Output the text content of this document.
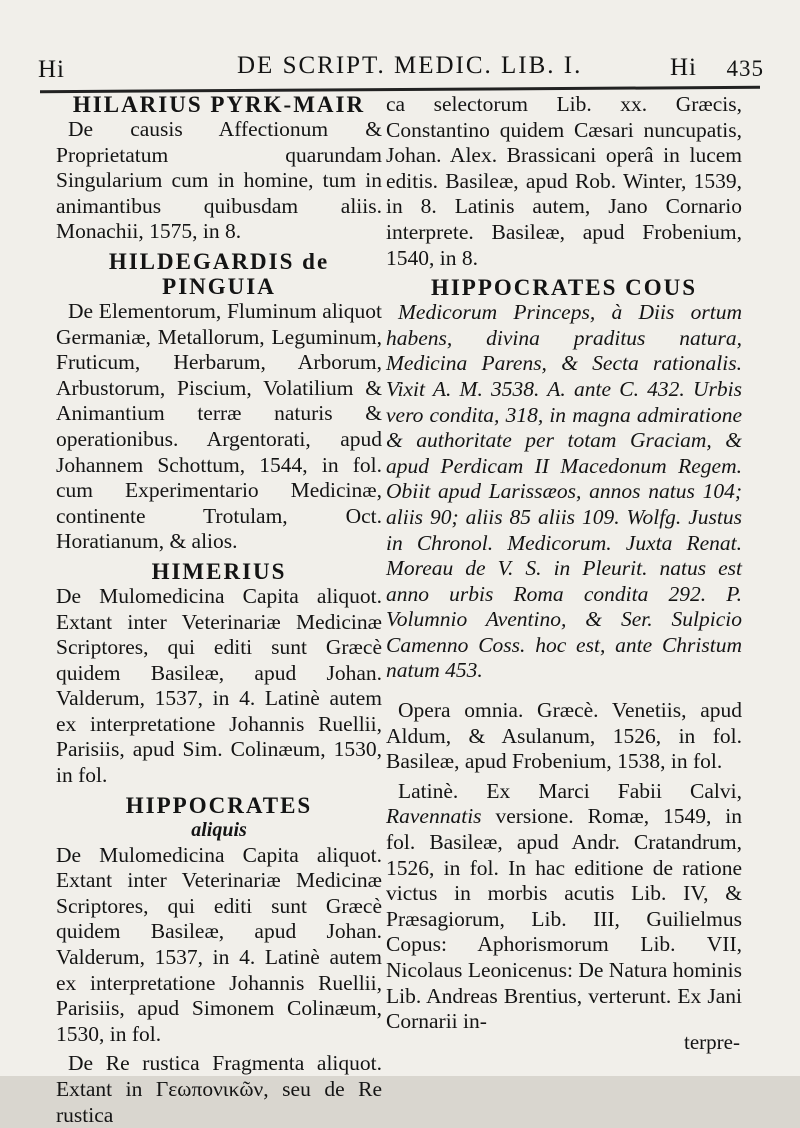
Hi	DE SCRIPT. MEDIC. LIB. I.	Hi 435
HILARIUS PYRK-MAIR

De causis Affectionum & Proprietatum quarundam Singularium cum in homine, tum in animantibus quibusdam aliis. Monachii, 1575, in 8.

HILDEGARDIS de PINGUIA

De Elementorum, Fluminum aliquot Germaniæ, Metallorum, Leguminum, Fruticum, Herbarum, Arborum, Arbustorum, Piscium, Volatilium & Animantium terræ naturis & operationibus. Argentorati, apud Johannem Schottum, 1544, in fol. cum Experimentario Medicinæ, continente Trotulam, Oct. Horatianum, & alios.

HIMERIUS

De Mulomedicina Capita aliquot. Extant inter Veterinariæ Medicinæ Scriptores, qui editi sunt Græcè quidem Basileæ, apud Johan. Valderum, 1537, in 4. Latinè autem ex interpretatione Johannis Ruellii, Parisiis, apud Sim. Colinæum, 1530, in fol.

HIPPOCRATES
aliquis

De Mulomedicina Capita aliquot. Extant inter Veterinariæ Medicinæ Scriptores, qui editi sunt Græcè quidem Basileæ, apud Johan. Valderum, 1537, in 4. Latinè autem ex interpretatione Johannis Ruellii, Parisiis, apud Simonem Colinæum, 1530, in fol.

De Re rustica Fragmenta aliquot. Extant in Γεωπονικῶν, seu de Re rustica

ca selectorum Lib. xx. Græcis, Constantino quidem Cæsari nuncupatis, Johan. Alex. Brassicani operâ in lucem editis. Basileæ, apud Rob. Winter, 1539, in 8. Latinis autem, Jano Cornario interprete. Basileæ, apud Frobenium, 1540, in 8.

HIPPOCRATES COUS

Medicorum Princeps, à Diis ortum habens, divina praditus natura, Medicina Parens, & Secta rationalis. Vixit A. M. 3538. A. ante C. 432. Urbis vero condita, 318, in magna admiratione & authoritate per totam Graciam, & apud Perdicam II Macedonum Regem. Obiit apud Larissæos, annos natus 104; aliis 90; aliis 85 aliis 109. Wolfg. Justus in Chronol. Medicorum. Juxta Renat. Moreau de V. S. in Pleurit. natus est anno urbis Roma condita 292. P. Volumnio Aventino, & Ser. Sulpicio Camenno Coss. hoc est, ante Christum natum 453.

Opera omnia. Græcè. Venetiis, apud Aldum, & Asulanum, 1526, in fol. Basileæ, apud Frobenium, 1538, in fol.

Latinè. Ex Marci Fabii Calvi, Ravennatis versione. Romæ, 1549, in fol. Basileæ, apud Andr. Cratandrum, 1526, in fol. In hac editione de ratione victus in morbis acutis Lib. IV, & Præsagiorum, Lib. III, Guilielmus Copus: Aphorismorum Lib. VII, Nicolaus Leonicenus: De Natura hominis Lib. Andreas Brentius, verterunt. Ex Jani Cornarii in-

terpre-
